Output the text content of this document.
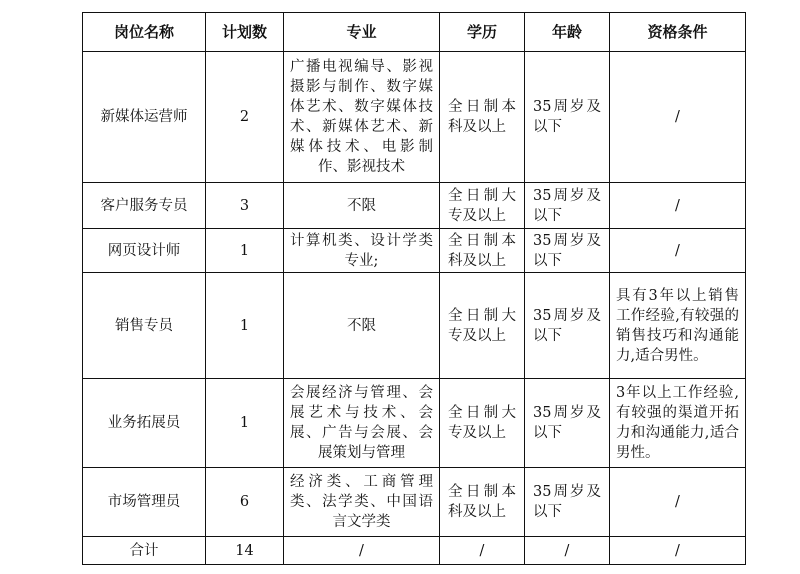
岗位名称	计划数	专业	学历	年龄	资格条件
新媒体运营师	2	广播电视编导、影视摄影与制作、数字媒体艺术、数字媒体技术、新媒体艺术、新媒体技术、电影制作、影视技术	全日制本科及以上	35周岁及以下	/
客户服务专员	3	不限	全日制大专及以上	35周岁及以下	/
网页设计师	1	计算机类、设计学类专业;	全日制本科及以上	35周岁及以下	/
销售专员	1	不限	全日制大专及以上	35周岁及以下	具有3年以上销售工作经验,有较强的销售技巧和沟通能力,适合男性。
业务拓展员	1	会展经济与管理、会展艺术与技术、会展、广告与会展、会展策划与管理	全日制大专及以上	35周岁及以下	3年以上工作经验,有较强的渠道开拓力和沟通能力,适合男性。
市场管理员	6	经济类、工商管理类、法学类、中国语言文学类	全日制本科及以上	35周岁及以下	/
合计	14	/	/	/	/
